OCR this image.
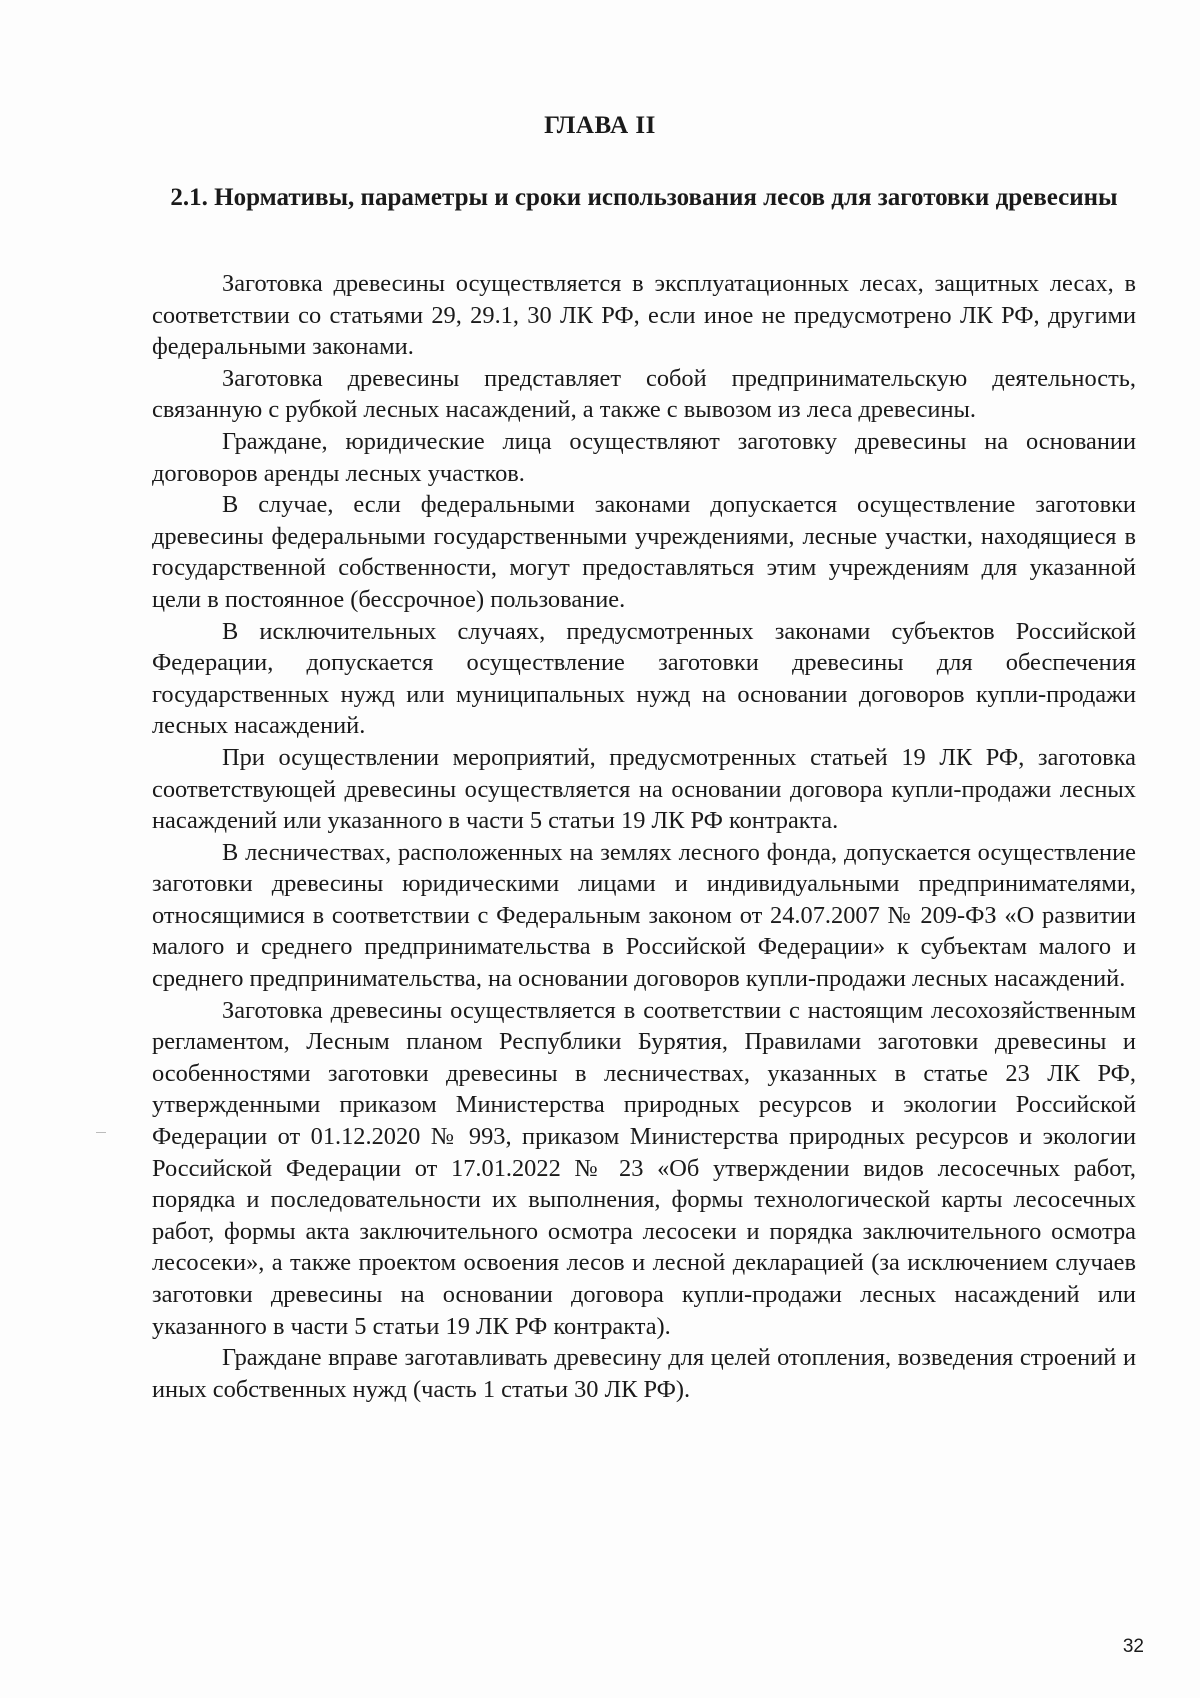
ГЛАВА II
2.1. Нормативы, параметры и сроки использования лесов для заготовки древесины

Заготовка древесины осуществляется в эксплуатационных лесах, защитных лесах, в соответствии со статьями 29, 29.1, 30 ЛК РФ, если иное не предусмотрено ЛК РФ, другими федеральными законами.

Заготовка древесины представляет собой предпринимательскую деятельность, связанную с рубкой лесных насаждений, а также с вывозом из леса древесины.

Граждане, юридические лица осуществляют заготовку древесины на основании договоров аренды лесных участков.

В случае, если федеральными законами допускается осуществление заготовки древесины федеральными государственными учреждениями, лесные участки, находящиеся в государственной собственности, могут предоставляться этим учреждениям для указанной цели в постоянное (бессрочное) пользование.

В исключительных случаях, предусмотренных законами субъектов Российской Федерации, допускается осуществление заготовки древесины для обеспечения государственных нужд или муниципальных нужд на основании договоров купли-продажи лесных насаждений.

При осуществлении мероприятий, предусмотренных статьей 19 ЛК РФ, заготовка соответствующей древесины осуществляется на основании договора купли-продажи лесных насаждений или указанного в части 5 статьи 19 ЛК РФ контракта.

В лесничествах, расположенных на землях лесного фонда, допускается осуществление заготовки древесины юридическими лицами и индивидуальными предпринимателями, относящимися в соответствии с Федеральным законом от 24.07.2007 № 209-ФЗ «О развитии малого и среднего предпринимательства в Российской Федерации» к субъектам малого и среднего предпринимательства, на основании договоров купли-продажи лесных насаждений.

Заготовка древесины осуществляется в соответствии с настоящим лесохозяйственным регламентом, Лесным планом Республики Бурятия, Правилами заготовки древесины и особенностями заготовки древесины в лесничествах, указанных в статье 23 ЛК РФ, утвержденными приказом Министерства природных ресурсов и экологии Российской Федерации от 01.12.2020 № 993, приказом Министерства природных ресурсов и экологии Российской Федерации от 17.01.2022 № 23 «Об утверждении видов лесосечных работ, порядка и последовательности их выполнения, формы технологической карты лесосечных работ, формы акта заключительного осмотра лесосеки и порядка заключительного осмотра лесосеки», а также проектом освоения лесов и лесной декларацией (за исключением случаев заготовки древесины на основании договора купли-продажи лесных насаждений или указанного в части 5 статьи 19 ЛК РФ контракта).

Граждане вправе заготавливать древесину для целей отопления, возведения строений и иных собственных нужд (часть 1 статьи 30 ЛК РФ).

32
